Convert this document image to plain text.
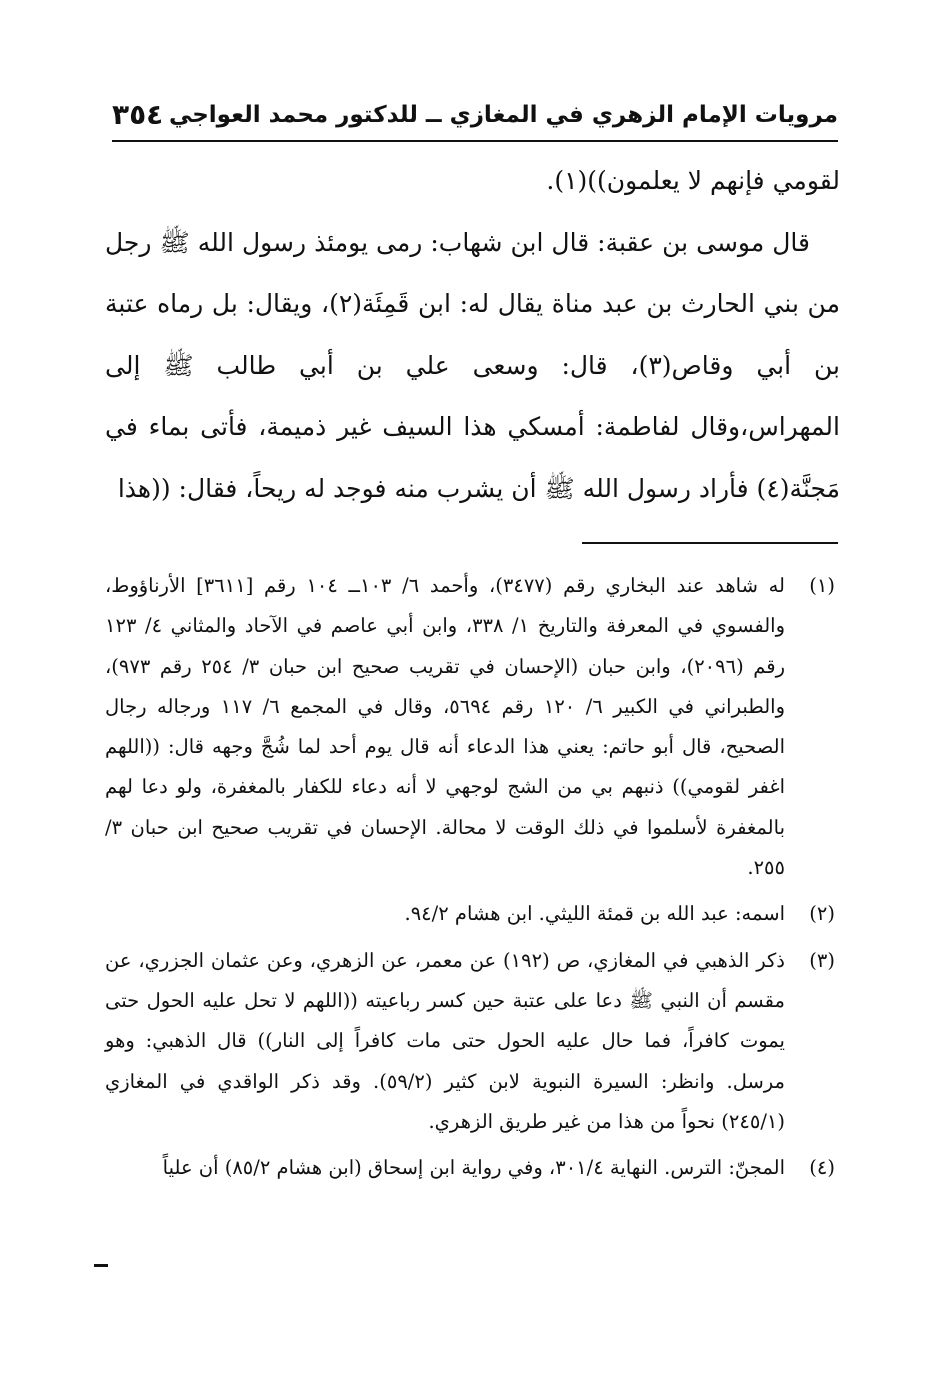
مرويات الإمام الزهري في المغازي ــ للدكتور محمد العواجي
٣٥٤

لقومي فإنهم لا يعلمون))(١).

قال موسى بن عقبة: قال ابن شهاب: رمى يومئذ رسول الله ﷺ رجل من بني الحارث بن عبد مناة يقال له: ابن قَمِئَة(٢)، ويقال: بل رماه عتبة بن أبي وقاص(٣)، قال: وسعى علي بن أبي طالب ﷺ إلى المهراس،وقال لفاطمة: أمسكي هذا السيف غير ذميمة، فأتى بماء في مَجنَّة(٤) فأراد رسول الله ﷺ أن يشرب منه فوجد له ريحاً، فقال: ((هذا

(١)
له شاهد عند البخاري رقم (٣٤٧٧)، وأحمد ٦/ ١٠٣ــ ١٠٤ رقم [٣٦١١] الأرناؤوط، والفسوي في المعرفة والتاريخ ١/ ٣٣٨، وابن أبي عاصم في الآحاد والمثاني ٤/ ١٢٣ رقم (٢٠٩٦)، وابن حبان (الإحسان في تقريب صحيح ابن حبان ٣/ ٢٥٤ رقم ٩٧٣)، والطبراني في الكبير ٦/ ١٢٠ رقم ٥٦٩٤، وقال في المجمع ٦/ ١١٧ ورجاله رجال الصحيح، قال أبو حاتم: يعني هذا الدعاء أنه قال يوم أحد لما شُجَّ وجهه قال: ((اللهم اغفر لقومي)) ذنبهم بي من الشج لوجهي لا أنه دعاء للكفار بالمغفرة، ولو دعا لهم بالمغفرة لأسلموا في ذلك الوقت لا محالة. الإحسان في تقريب صحيح ابن حبان ٣/ ٢٥٥.
(٢)
اسمه: عبد الله بن قمئة الليثي. ابن هشام ٩٤/٢.
(٣)
ذكر الذهبي في المغازي، ص (١٩٢) عن معمر، عن الزهري، وعن عثمان الجزري، عن مقسم أن النبي ﷺ دعا على عتبة حين كسر رباعيته ((اللهم لا تحل عليه الحول حتى يموت كافراً، فما حال عليه الحول حتى مات كافراً إلى النار)) قال الذهبي: وهو مرسل. وانظر: السيرة النبوية لابن كثير (٥٩/٢). وقد ذكر الواقدي في المغازي (٢٤٥/١) نحواً من هذا من غير طريق الزهري.
(٤)
المجنّ: الترس. النهاية ٣٠١/٤، وفي رواية ابن إسحاق (ابن هشام ٨٥/٢) أن علياً
